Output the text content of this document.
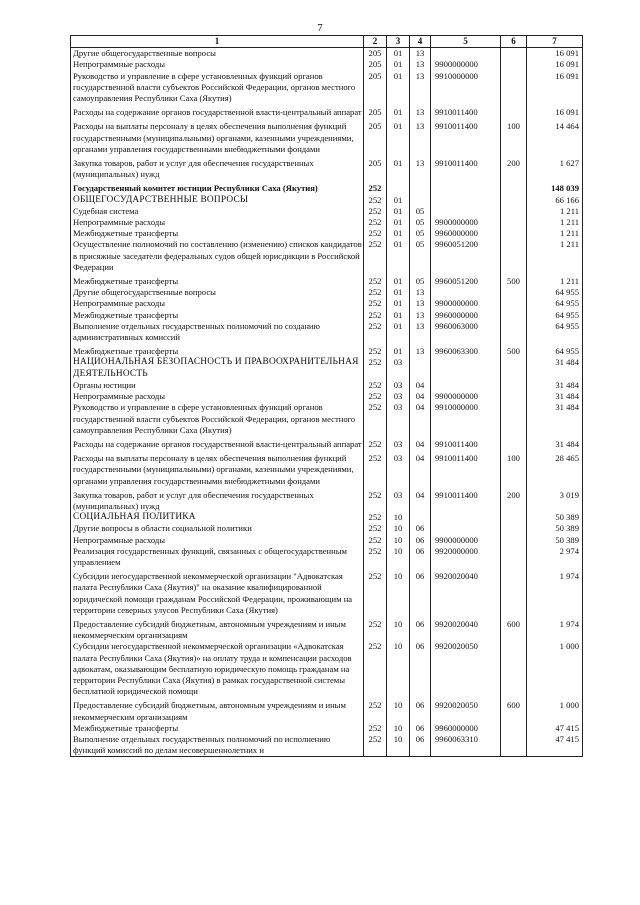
7
1	2	3	4	5	6	7
Другие общегосударственные вопросы	205	01	13			16 091
Непрограммные расходы	205	01	13	9900000000		16 091
Руководство и управление в сфере установленных функций органов государственной власти субъектов Российской Федерации, органов местного самоуправления Республики Саха (Якутия)	205	01	13	9910000000		16 091
Расходы на содержание органов государственной власти-центральный аппарат	205	01	13	9910011400		16 091
Расходы на выплаты персоналу в целях обеспечения выполнения функций государственными (муниципальными) органами, казенными учреждениями, органами управления государственными внебюджетными фондами	205	01	13	9910011400	100	14 464
Закупка товаров, работ и услуг для обеспечения государственных (муниципальных) нужд	205	01	13	9910011400	200	1 627
Государственный комитет юстиции Республики Саха (Якутия)	252					148 039
ОБЩЕГОСУДАРСТВЕННЫЕ ВОПРОСЫ	252	01				66 166
Судебная система	252	01	05			1 211
Непрограммные расходы	252	01	05	9900000000		1 211
Межбюджетные трансферты	252	01	05	9960000000		1 211
Осуществление полномочий по составлению (изменению) списков кандидатов в присяжные заседатели федеральных судов общей юрисдикции в Российской Федерации	252	01	05	9960051200		1 211
Межбюджетные трансферты	252	01	05	9960051200	500	1 211
Другие общегосударственные вопросы	252	01	13			64 955
Непрограммные расходы	252	01	13	9900000000		64 955
Межбюджетные трансферты	252	01	13	9960000000		64 955
Выполнение отдельных государственных полномочий по созданию административных комиссий	252	01	13	9960063000		64 955
Межбюджетные трансферты	252	01	13	9960063300	500	64 955
НАЦИОНАЛЬНАЯ БЕЗОПАСНОСТЬ И ПРАВООХРАНИТЕЛЬНАЯ ДЕЯТЕЛЬНОСТЬ	252	03				31 484
Органы юстиции	252	03	04			31 484
Непрограммные расходы	252	03	04	9900000000		31 484
Руководство и управление в сфере установленных функций органов государственной власти субъектов Российской Федерации, органов местного самоуправления Республики Саха (Якутия)	252	03	04	9910000000		31 484
Расходы на содержание органов государственной власти-центральный аппарат	252	03	04	9910011400		31 484
Расходы на выплаты персоналу в целях обеспечения выполнения функций государственными (муниципальными) органами, казенными учреждениями, органами управления государственными внебюджетными фондами	252	03	04	9910011400	100	28 465
Закупка товаров, работ и услуг для обеспечения государственных (муниципальных) нужд	252	03	04	9910011400	200	3 019
СОЦИАЛЬНАЯ ПОЛИТИКА	252	10				50 389
Другие вопросы в области социальной политики	252	10	06			50 389
Непрограммные расходы	252	10	06	9900000000		50 389
Реализация государственных функций, связанных с общегосударственным управлением	252	10	06	9920000000		2 974
Субсидии негосударственной некоммерческой организации "Адвокатская палата Республики Саха (Якутия)" на оказание квалифицированной юридической помощи гражданам Российской Федерации, проживающим на территории северных улусов Республики Саха (Якутия)	252	10	06	9920020040		1 974
Предоставление субсидий бюджетным, автономным учреждениям и иным некоммерческим организациям	252	10	06	9920020040	600	1 974
Субсидии негосударственной некоммерческой организации «Адвокатская палата Республики Саха (Якутия)» на оплату труда и компенсации расходов адвокатам, оказывающим бесплатную юридическую помощь гражданам на территории Республики Саха (Якутия) в рамках государственной системы бесплатной юридической помощи	252	10	06	9920020050		1 000
Предоставление субсидий бюджетным, автономным учреждениям и иным некоммерческим организациям	252	10	06	9920020050	600	1 000
Межбюджетные трансферты	252	10	06	9960000000		47 415
Выполнение отдельных государственных полномочий по исполнению функций комиссий по делам несовершеннолетних и	252	10	06	9960063310		47 415
